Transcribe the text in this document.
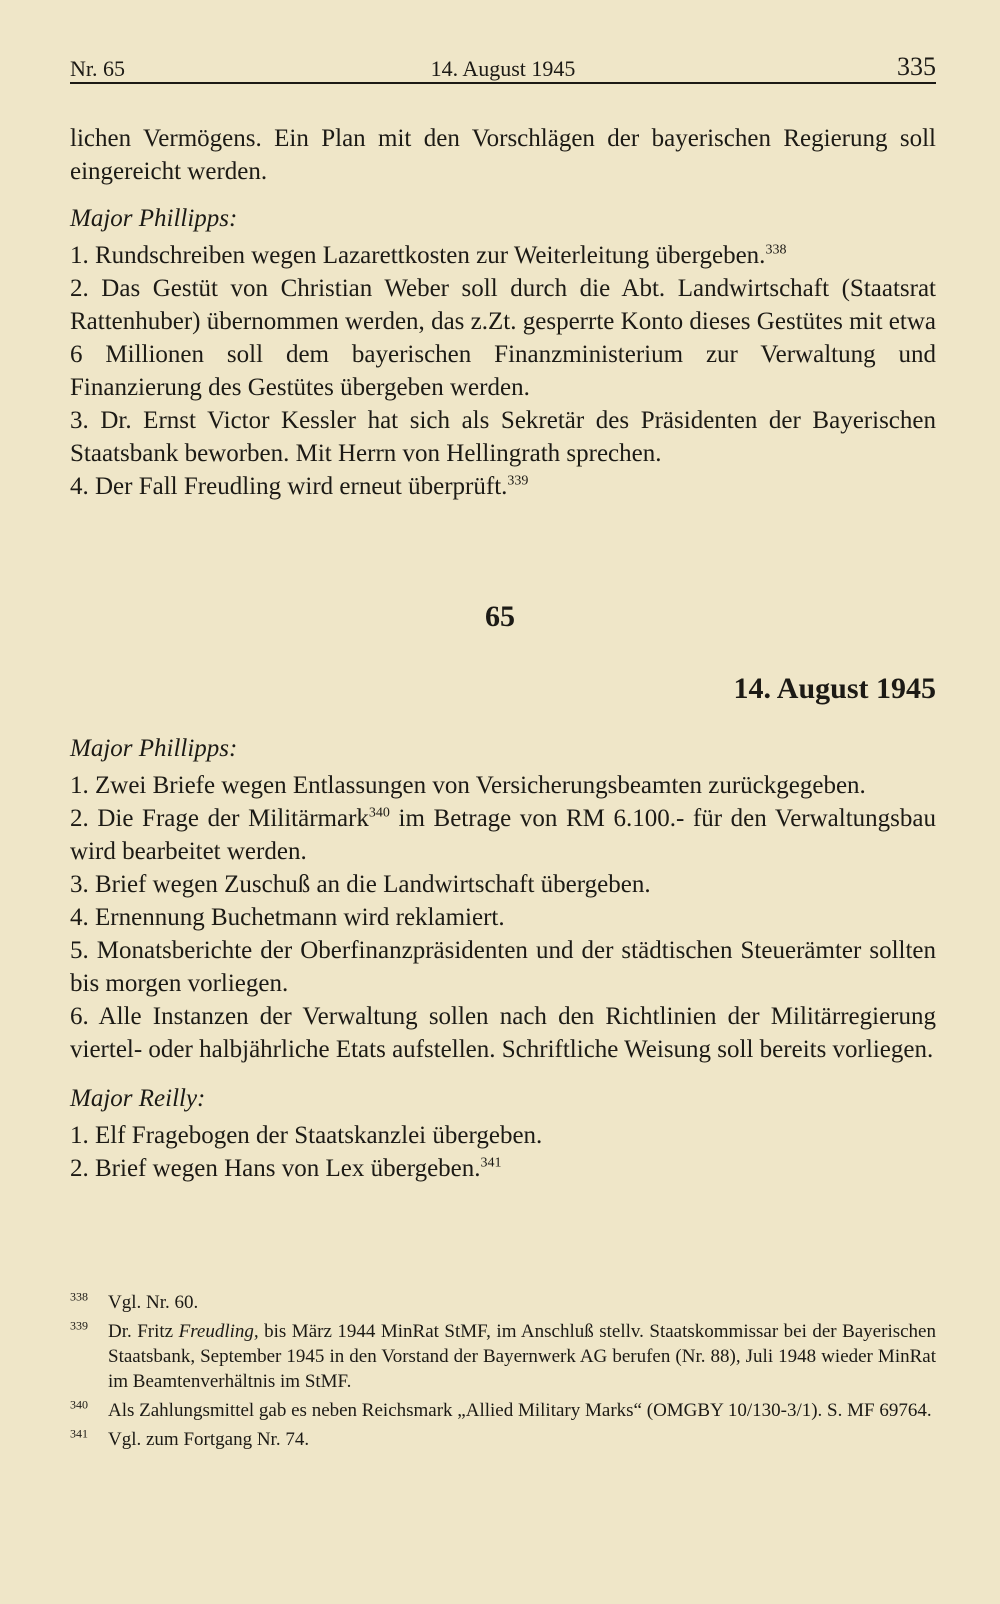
Nr. 65	14. August 1945	335

lichen Vermögens. Ein Plan mit den Vorschlägen der bayerischen Regierung soll eingereicht werden.

Major Phillipps:

1. Rundschreiben wegen Lazarettkosten zur Weiterleitung übergeben.$^{338}$

2. Das Gestüt von Christian Weber soll durch die Abt. Landwirtschaft (Staatsrat Rattenhuber) übernommen werden, das z.Zt. gesperrte Konto dieses Gestütes mit etwa 6 Millionen soll dem bayerischen Finanzministerium zur Verwaltung und Finanzierung des Gestütes übergeben werden.

3. Dr. Ernst Victor Kessler hat sich als Sekretär des Präsidenten der Bayerischen Staatsbank beworben. Mit Herrn von Hellingrath sprechen.

4. Der Fall Freudling wird erneut überprüft.$^{339}$

65
14. August 1945

Major Phillipps:

1. Zwei Briefe wegen Entlassungen von Versicherungsbeamten zurückgegeben.

2. Die Frage der Militärmark$^{340}$ im Betrage von RM 6.100.- für den Verwaltungsbau wird bearbeitet werden.

3. Brief wegen Zuschuß an die Landwirtschaft übergeben.

4. Ernennung Buchetmann wird reklamiert.

5. Monatsberichte der Oberfinanzpräsidenten und der städtischen Steuerämter sollten bis morgen vorliegen.

6. Alle Instanzen der Verwaltung sollen nach den Richtlinien der Militärregierung viertel- oder halbjährliche Etats aufstellen. Schriftliche Weisung soll bereits vorliegen.

Major Reilly:

1. Elf Fragebogen der Staatskanzlei übergeben.

2. Brief wegen Hans von Lex übergeben.$^{341}$

$^{338}$ Vgl. Nr. 60.

$^{339}$ Dr. Fritz Freudling, bis März 1944 MinRat StMF, im Anschluß stellv. Staatskommissar bei der Bayerischen Staatsbank, September 1945 in den Vorstand der Bayernwerk AG berufen (Nr. 88), Juli 1948 wieder MinRat im Beamtenverhältnis im StMF.

$^{340}$ Als Zahlungsmittel gab es neben Reichsmark „Allied Military Marks“ (OMGBY 10/130-3/1). S. MF 69764.

$^{341}$ Vgl. zum Fortgang Nr. 74.
